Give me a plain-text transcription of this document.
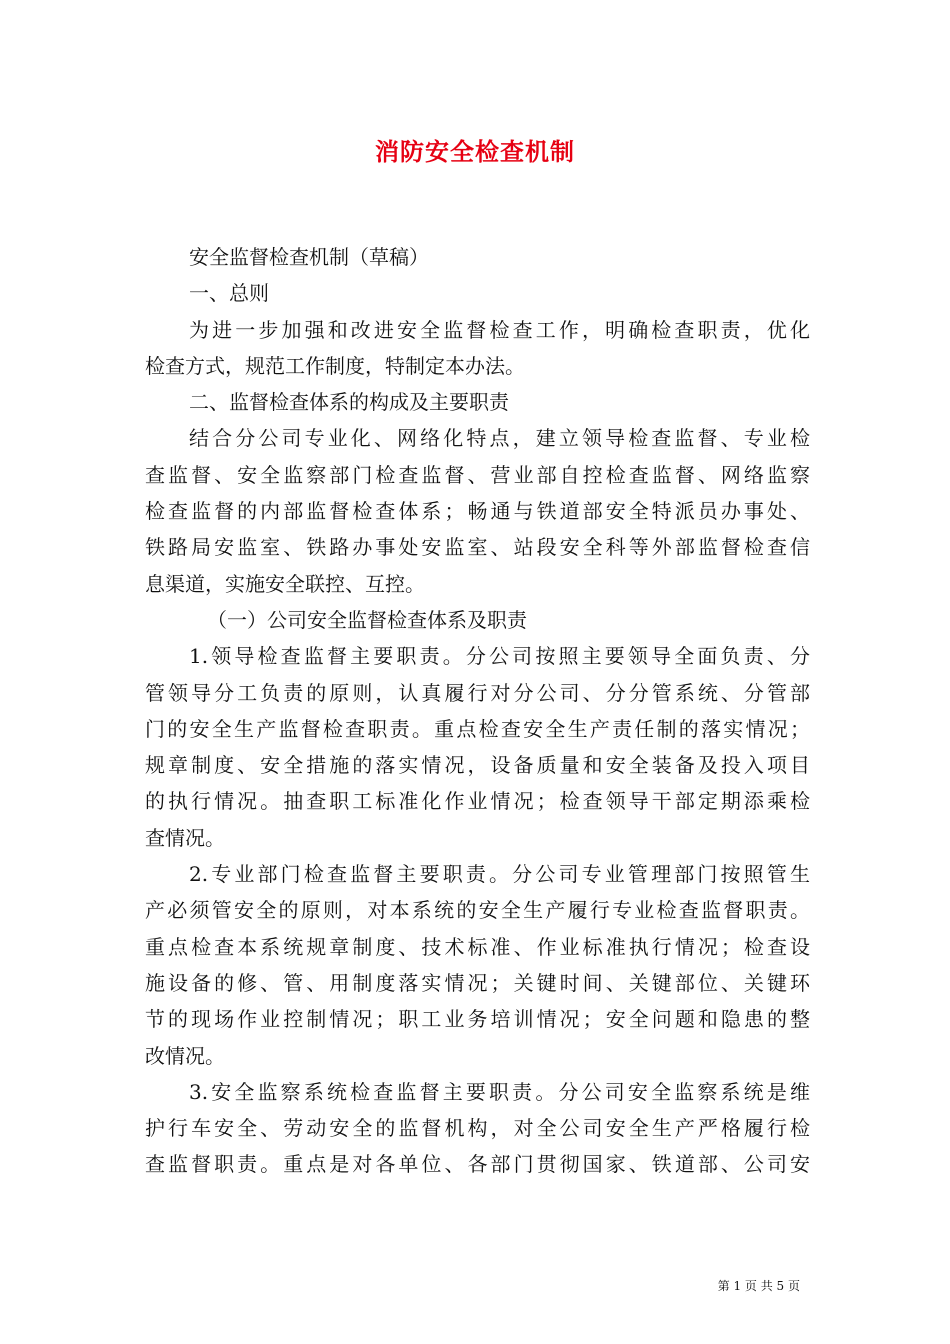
消防安全检查机制
安全监督检查机制（草稿）
一、总则
为进一步加强和改进安全监督检查工作，明确检查职责，优化
检查方式，规范工作制度，特制定本办法。
二、监督检查体系的构成及主要职责
结合分公司专业化、网络化特点，建立领导检查监督、专业检
查监督、安全监察部门检查监督、营业部自控检查监督、网络监察
检查监督的内部监督检查体系；畅通与铁道部安全特派员办事处、
铁路局安监室、铁路办事处安监室、站段安全科等外部监督检查信
息渠道，实施安全联控、互控。
（一）公司安全监督检查体系及职责
1.领导检查监督主要职责。分公司按照主要领导全面负责、分
管领导分工负责的原则，认真履行对分公司、分分管系统、分管部
门的安全生产监督检查职责。重点检查安全生产责任制的落实情况；
规章制度、安全措施的落实情况，设备质量和安全装备及投入项目
的执行情况。抽查职工标准化作业情况；检查领导干部定期添乘检
查情况。
2.专业部门检查监督主要职责。分公司专业管理部门按照管生
产必须管安全的原则，对本系统的安全生产履行专业检查监督职责。
重点检查本系统规章制度、技术标准、作业标准执行情况；检查设
施设备的修、管、用制度落实情况；关键时间、关键部位、关键环
节的现场作业控制情况；职工业务培训情况；安全问题和隐患的整
改情况。
3.安全监察系统检查监督主要职责。分公司安全监察系统是维
护行车安全、劳动安全的监督机构，对全公司安全生产严格履行检
查监督职责。重点是对各单位、各部门贯彻国家、铁道部、公司安
第 1 页 共 5 页
